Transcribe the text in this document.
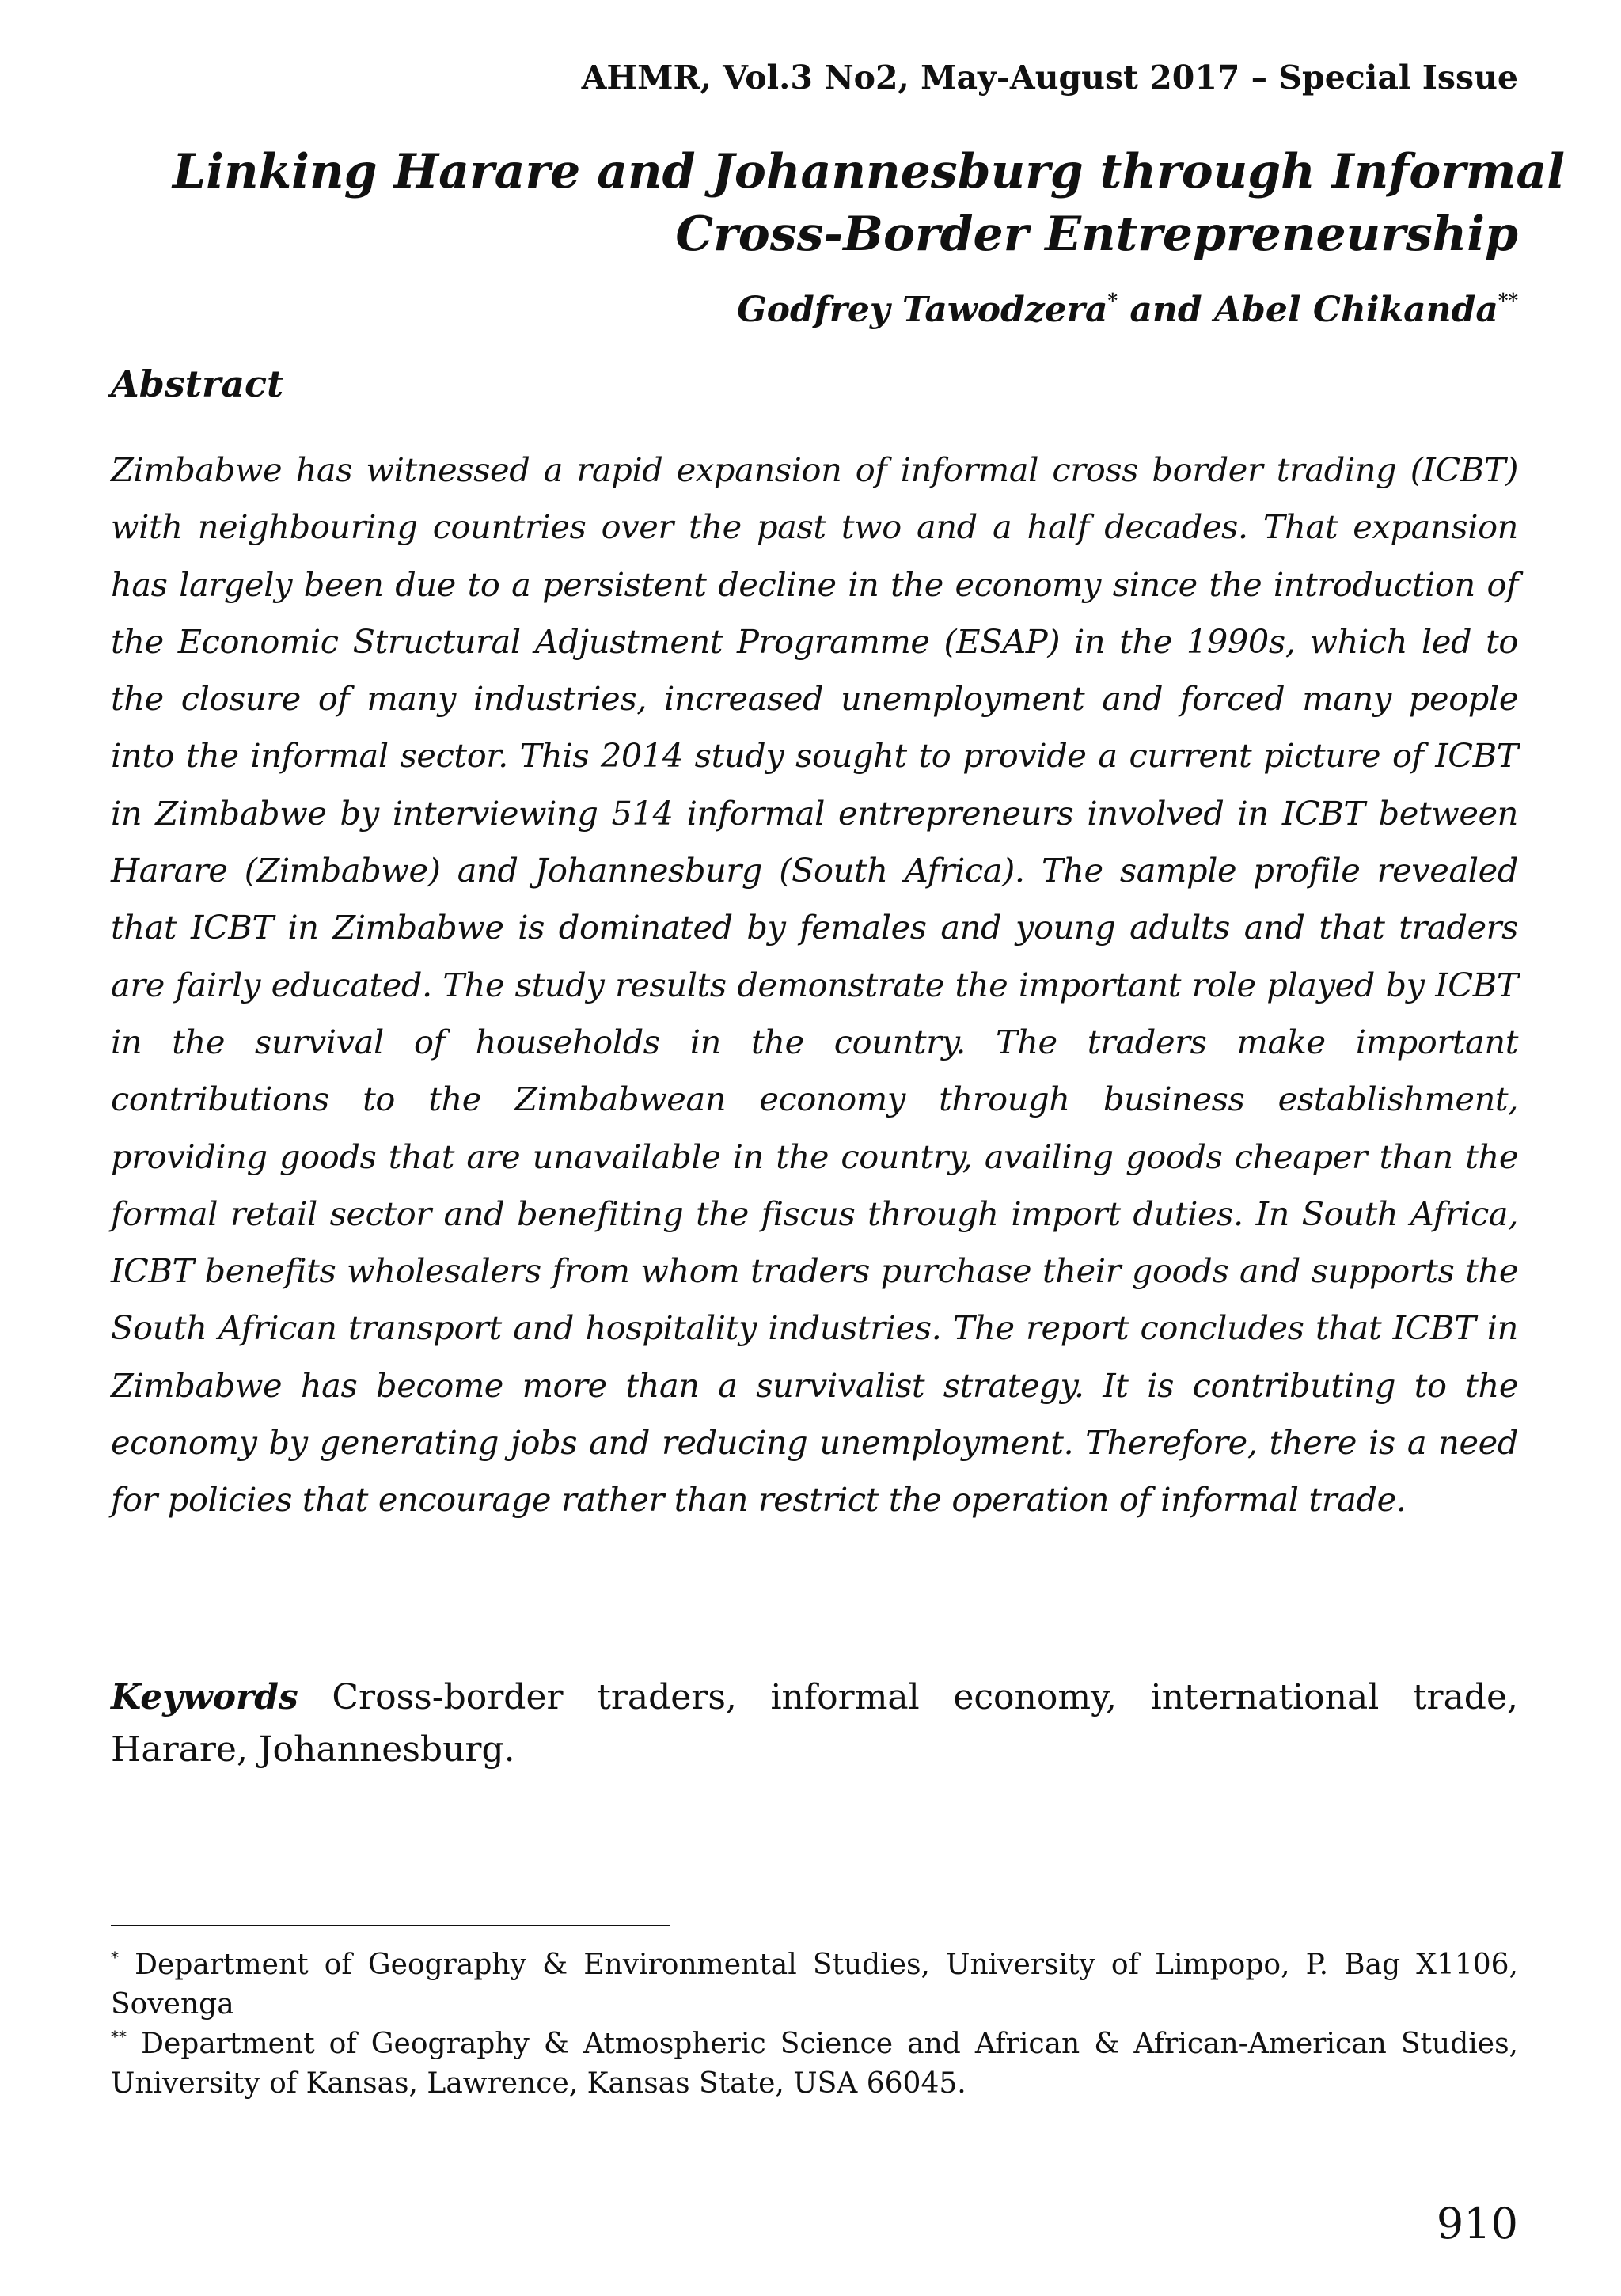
AHMR, Vol.3 No2, May-August 2017 – Special Issue
Linking Harare and Johannesburg through Informal
Cross-Border Entrepreneurship
Godfrey Tawodzera* and Abel Chikanda**
Abstract

Zimbabwe has witnessed a rapid expansion of informal cross border trading (ICBT) with neighbouring countries over the past two and a half decades. That expansion has largely been due to a persistent decline in the economy since the introduction of the Economic Structural Adjustment Programme (ESAP) in the 1990s, which led to the closure of many industries, increased unemployment and forced many people into the informal sector. This 2014 study sought to provide a current picture of ICBT in Zimbabwe by interviewing 514 informal entrepreneurs involved in ICBT between Harare (Zimbabwe) and Johannesburg (South Africa). The sample profile revealed that ICBT in Zimbabwe is dominated by females and young adults and that traders are fairly educated. The study results demonstrate the important role played by ICBT in the survival of households in the country. The traders make important contributions to the Zimbabwean economy through business establishment, providing goods that are unavailable in the country, availing goods cheaper than the formal retail sector and benefiting the fiscus through import duties. In South Africa, ICBT benefits wholesalers from whom traders purchase their goods and supports the South African transport and hospitality industries. The report concludes that ICBT in Zimbabwe has become more than a survivalist strategy. It is contributing to the economy by generating jobs and reducing unemployment. Therefore, there is a need for policies that encourage rather than restrict the operation of informal trade.

Keywords Cross-border traders, informal economy, international trade, Harare, Johannesburg.

* Department of Geography & Environmental Studies, University of Limpopo, P. Bag X1106, Sovenga

** Department of Geography & Atmospheric Science and African & African-American Studies, University of Kansas, Lawrence, Kansas State, USA 66045.

910
